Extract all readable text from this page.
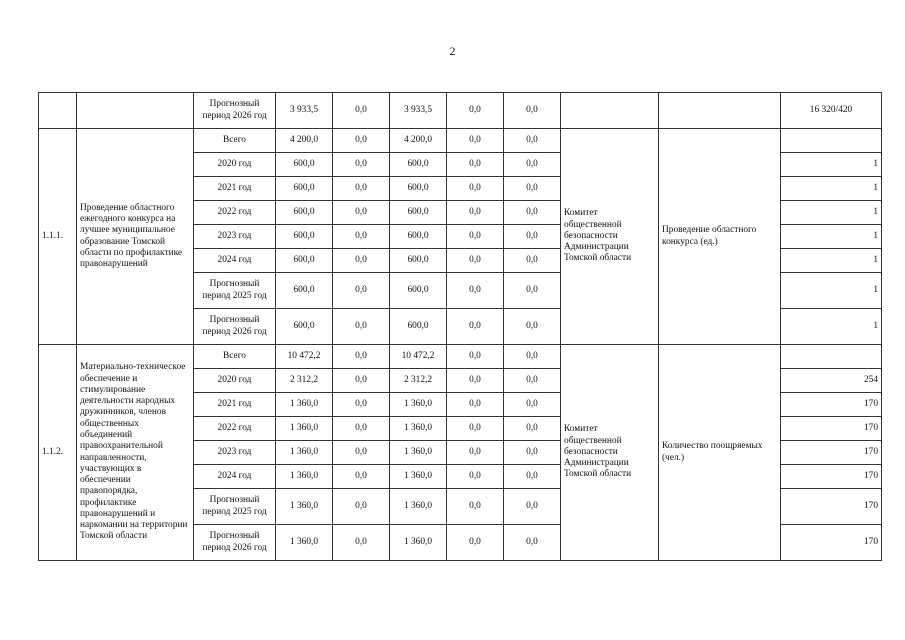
2
		Прогнозный период 2026 год	3 933,5	0,0	3 933,5	0,0	0,0			16 320/420
1.1.1.	Проведение областного ежегодного конкурса на лучшее муниципальное образование Томской области по профилактике правонарушений	Всего	4 200,0	0,0	4 200,0	0,0	0,0	Комитет общественной безопасности Администрации Томской области	Проведение областного конкурса (ед.)	
		2020 год	600,0	0,0	600,0	0,0	0,0			1
		2021 год	600,0	0,0	600,0	0,0	0,0			1
		2022 год	600,0	0,0	600,0	0,0	0,0			1
		2023 год	600,0	0,0	600,0	0,0	0,0			1
		2024 год	600,0	0,0	600,0	0,0	0,0			1
		Прогнозный период 2025 год	600,0	0,0	600,0	0,0	0,0			1
		Прогнозный период 2026 год	600,0	0,0	600,0	0,0	0,0			1
1.1.2.	Материально-техническое обеспечение и стимулирование деятельности народных дружинников, членов общественных объединений правоохранительной направленности, участвующих в обеспечении правопорядка, профилактике правонарушений и наркомании на территории Томской области	Всего	10 472,2	0,0	10 472,2	0,0	0,0	Комитет общественной безопасности Администрации Томской области	Количество поощряемых (чел.)	
		2020 год	2 312,2	0,0	2 312,2	0,0	0,0			254
		2021 год	1 360,0	0,0	1 360,0	0,0	0,0			170
		2022 год	1 360,0	0,0	1 360,0	0,0	0,0			170
		2023 год	1 360,0	0,0	1 360,0	0,0	0,0			170
		2024 год	1 360,0	0,0	1 360,0	0,0	0,0			170
		Прогнозный период 2025 год	1 360,0	0,0	1 360,0	0,0	0,0			170
		Прогнозный период 2026 год	1 360,0	0,0	1 360,0	0,0	0,0			170
